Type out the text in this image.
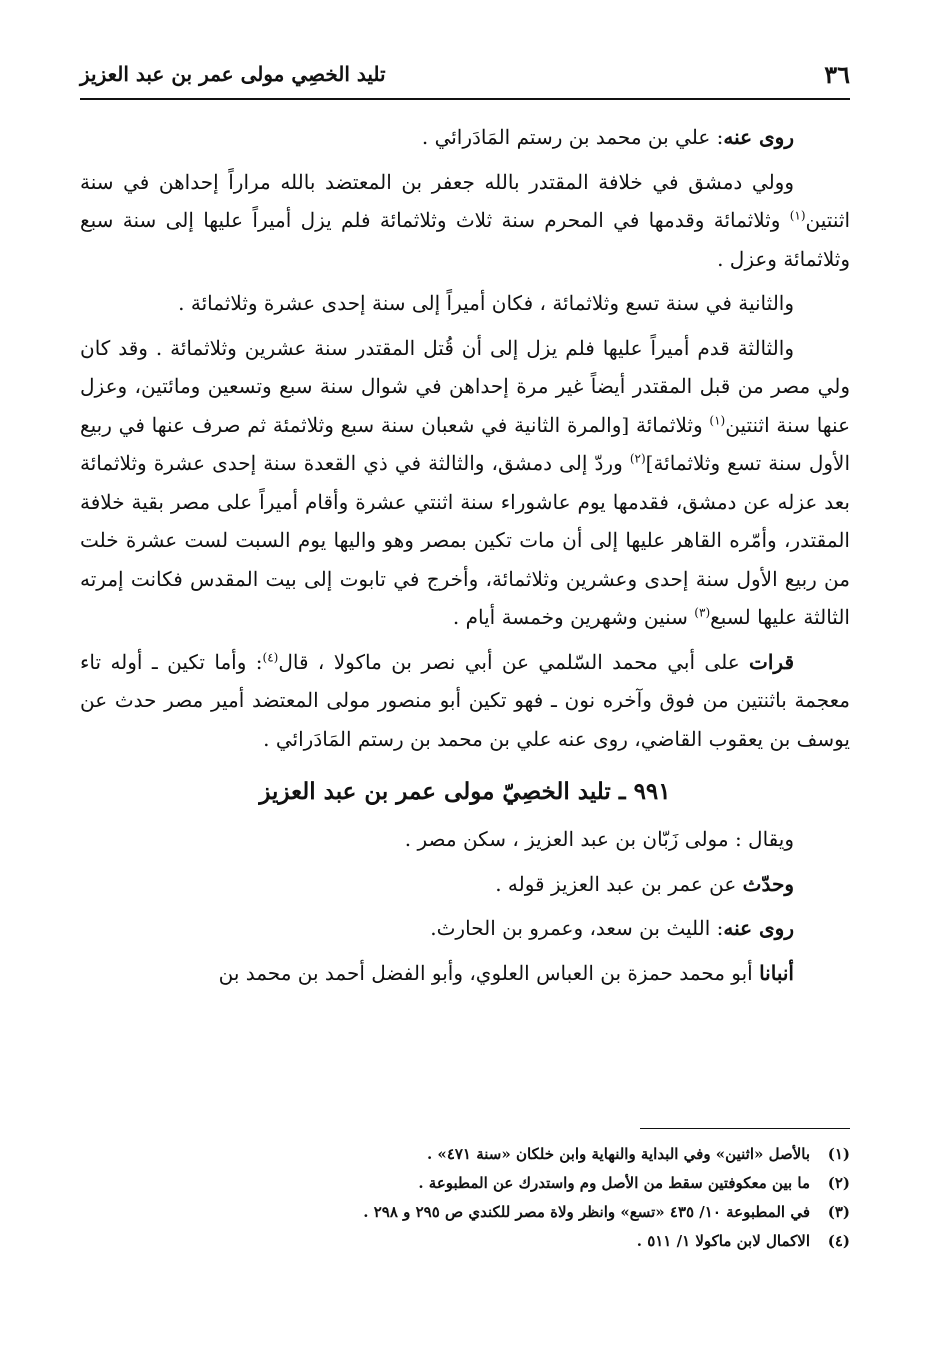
٣٦
تليد الخصِي مولى عمر بن عبد العزيز

روى عنه: علي بن محمد بن رستم المَادَرائي .

وولي دمشق في خلافة المقتدر بالله جعفر بن المعتضد بالله مراراً إحداهن في سنة اثنتين$^{(١)}$ وثلاثمائة وقدمها في المحرم سنة ثلاث وثلاثمائة فلم يزل أميراً عليها إلى سنة سبع وثلاثمائة وعزل .

والثانية في سنة تسع وثلاثمائة ، فكان أميراً إلى سنة إحدى عشرة وثلاثمائة .

والثالثة قدم أميراً عليها فلم يزل إلى أن قُتل المقتدر سنة عشرين وثلاثمائة . وقد كان ولي مصر من قبل المقتدر أيضاً غير مرة إحداهن في شوال سنة سبع وتسعين ومائتين، وعزل عنها سنة اثنتين$^{(١)}$ وثلاثمائة [والمرة الثانية في شعبان سنة سبع وثلاثمئة ثم صرف عنها في ربيع الأول سنة تسع وثلاثمائة]$^{(٢)}$ وردّ إلى دمشق، والثالثة في ذي القعدة سنة إحدى عشرة وثلاثمائة بعد عزله عن دمشق، فقدمها يوم عاشوراء سنة اثنتي عشرة وأقام أميراً على مصر بقية خلافة المقتدر، وأمّره القاهر عليها إلى أن مات تكين بمصر وهو واليها يوم السبت لست عشرة خلت من ربيع الأول سنة إحدى وعشرين وثلاثمائة، وأخرج في تابوت إلى بيت المقدس فكانت إمرته الثالثة عليها لسبع$^{(٣)}$ سنين وشهرين وخمسة أيام .

قرات على أبي محمد السّلمي عن أبي نصر بن ماكولا ، قال$^{(٤)}$: وأما تكين ـ أوله تاء معجمة باثنتين من فوق وآخره نون ـ فهو تكين أبو منصور مولى المعتضد أمير مصر حدث عن يوسف بن يعقوب القاضي، روى عنه علي بن محمد بن رستم المَادَرائي .

٩٩١ ـ تليد الخصِيّ مولى عمر بن عبد العزيز

ويقال : مولى زَبّان بن عبد العزيز ، سكن مصر .

وحدّث عن عمر بن عبد العزيز قوله .

روى عنه: الليث بن سعد، وعمرو بن الحارث.

أنبانا أبو محمد حمزة بن العباس العلوي، وأبو الفضل أحمد بن محمد بن

(١)بالأصل «اثنين» وفي البداية والنهاية وابن خلكان «سنة ٤٧١» .
(٢)ما بين معكوفتين سقط من الأصل وم واستدرك عن المطبوعة .
(٣)في المطبوعة ١٠/ ٤٣٥ «تسع» وانظر ولاة مصر للكندي ص ٢٩٥ و ٢٩٨ .
(٤)الاكمال لابن ماكولا ١/ ٥١١ .
